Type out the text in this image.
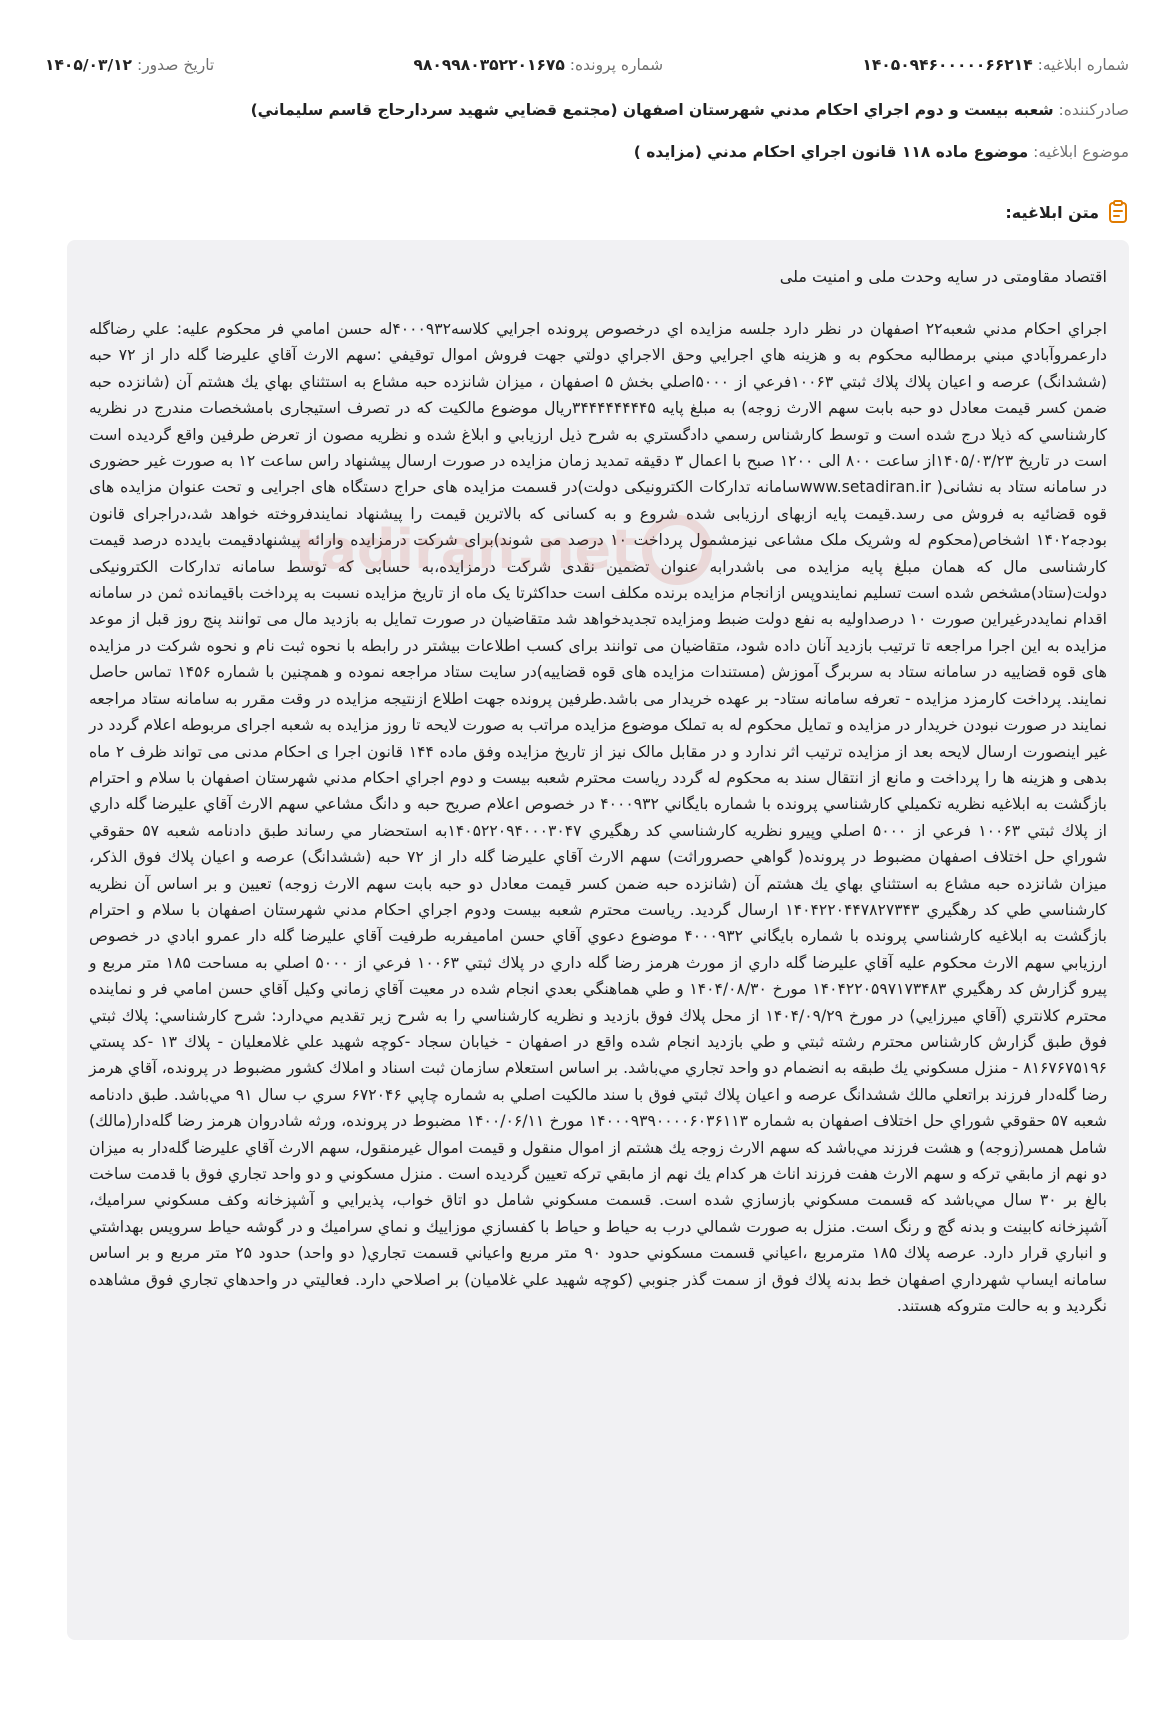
شماره ابلاغیه: ۱۴۰۵۰۹۴۶۰۰۰۰۰۶۶۲۱۴
شماره پرونده: ۹۸۰۹۹۸۰۳۵۲۲۰۱۶۷۵
تاریخ صدور: ۱۴۰۵/۰۳/۱۲
صادرکننده: شعبه بيست و دوم اجراي احكام مدني شهرستان اصفهان (مجتمع قضايي شهيد سردارحاج قاسم سليماني)
موضوع ابلاغیه: موضوع ماده ۱۱۸ قانون اجراي احكام مدني (مزايده )
متن ابلاغیه:
tadiran.net
اقتصاد مقاومتی در سایه وحدت ملی و امنیت ملی

اجراي احكام مدني شعبه۲۲ اصفهان در نظر دارد جلسه مزايده اي درخصوص پرونده اجرايي كلاسه۴۰۰۰۹۳۲له حسن امامي فر محكوم عليه: علي رضاگله دارعمروآبادي مبني برمطالبه محكوم به و هزينه هاي اجرايي وحق الاجراي دولتي جهت فروش اموال توقيفي :سهم الارث آقاي عليرضا گله دار از ۷۲ حبه (ششدانگ) عرصه و اعيان پلاك پلاك ثبتي ۱۰۰۶۳فرعي از ۵۰۰۰اصلي بخش ۵ اصفهان ، ميزان شانزده حبه مشاع به استثناي بهاي يك هشتم آن (شانزده حبه ضمن كسر قيمت معادل دو حبه بابت سهم الارث زوجه) به مبلغ پايه ۳۴۴۴۴۴۴۴۴۵ريال موضوع مالكيت كه در تصرف استیجاری بامشخصات مندرج در نظريه كارشناسي كه ذيلا درج شده است و توسط كارشناس رسمي دادگستري به شرح ذيل ارزيابي و ابلاغ شده و نظريه مصون از تعرض طرفين واقع گرديده است است در تاريخ ۱۴۰۵/۰۳/۲۳از ساعت ۸۰۰ الی ۱۲۰۰ صبح با اعمال ۳ دقیقه تمدید زمان مزایده در صورت ارسال پیشنهاد راس ساعت ۱۲ به صورت غیر حضوری در سامانه ستاد به نشانی( www.setadiran.irسامانه تدارکات الکترونیکی دولت)در قسمت مزایده های حراج دستگاه های اجرایی و تحت عنوان مزایده های قوه قضائیه به فروش می رسد.قیمت پایه ازبهای ارزیابی شده شروع و به کسانی که بالاترین قیمت را پیشنهاد نمایندفروخته خواهد شد،دراجرای قانون بودجه۱۴۰۲ اشخاص(محکوم له وشریک ملک مشاعی نیزمشمول پرداخت ۱۰ درصد می شوند)برای شرکت درمزایده وارائه پیشنهادقیمت بایدده درصد قیمت کارشناسی مال که همان مبلغ پایه مزایده می باشدرابه عنوان تضمین نقدی شرکت درمزایده،به حسابی که توسط سامانه تدارکات الکترونیکی دولت(ستاد)مشخص شده است تسلیم نمایندوپس ازانجام مزایده برنده مکلف است حداکثرتا یک ماه از تاریخ مزایده نسبت به پرداخت باقیمانده ثمن در سامانه اقدام نمایددرغیراین صورت ۱۰ درصداولیه به نفع دولت ضبط ومزایده تجدیدخواهد شد متقاضیان در صورت تمایل به بازدید مال می توانند پنج روز قبل از موعد مزایده به این اجرا مراجعه تا ترتیب بازدید آنان داده شود، متقاضیان می توانند برای کسب اطلاعات بیشتر در رابطه با نحوه ثبت نام و نحوه شرکت در مزایده های قوه قضاییه در سامانه ستاد به سربرگ آموزش (مستندات مزایده های قوه قضاییه)در سایت ستاد مراجعه نموده و همچنین با شماره ۱۴۵۶ تماس حاصل نمایند. پرداخت کارمزد مزایده - تعرفه سامانه ستاد- بر عهده خریدار می باشد.طرفین پرونده جهت اطلاع ازنتیجه مزایده در وقت مقرر به سامانه ستاد مراجعه نمایند در صورت نبودن خریدار در مزایده و تمایل محکوم له به تملک موضوع مزایده مراتب به صورت لایحه تا روز مزایده به شعبه اجرای مربوطه اعلام گردد در غیر اینصورت ارسال لایحه بعد از مزایده ترتیب اثر ندارد و در مقابل مالک نیز از تاریخ مزایده وفق ماده ۱۴۴ قانون اجرا ی احکام مدنی می تواند ظرف ۲ ماه بدهی و هزینه ها را پرداخت و مانع از انتقال سند به محکوم له گردد رياست محترم شعبه بيست و دوم اجراي احكام مدني شهرستان اصفهان با سلام و احترام بازگشت به ابلاغيه نظريه تكميلي كارشناسي پرونده با شماره بايگاني ۴۰۰۰۹۳۲ در خصوص اعلام صريح حبه و دانگ مشاعي سهم الارث آقاي عليرضا گله داري از پلاك ثبتي ۱۰۰۶۳ فرعي از ۵۰۰۰ اصلي وپيرو نظريه كارشناسي كد رهگيري ۱۴۰۵۲۲۰۹۴۰۰۰۳۰۴۷به استحضار مي رساند طبق دادنامه شعبه ۵۷ حقوقي شوراي حل اختلاف اصفهان مضبوط در پرونده( گواهي حصروراثت) سهم الارث آقاي عليرضا گله دار از ۷۲ حبه (ششدانگ) عرصه و اعيان پلاك فوق الذكر، ميزان شانزده حبه مشاع به استثناي بهاي يك هشتم آن (شانزده حبه ضمن كسر قيمت معادل دو حبه بابت سهم الارث زوجه) تعيين و بر اساس آن نظريه كارشناسي طي كد رهگيري ۱۴۰۴۲۲۰۴۴۷۸۲۷۳۴۳ ارسال گرديد. رياست محترم شعبه بيست ودوم اجراي احكام مدني شهرستان اصفهان با سلام و احترام بازگشت به ابلاغيه كارشناسي پرونده با شماره بايگاني ۴۰۰۰۹۳۲ موضوع دعوي آقاي حسن اماميفربه طرفيت آقاي عليرضا گله دار عمرو ابادي در خصوص ارزيابي سهم الارث محكوم عليه آقاي عليرضا گله داري از مورث هرمز رضا گله داري در پلاك ثبتي ۱۰۰۶۳ فرعي از ۵۰۰۰ اصلي به مساحت ۱۸۵ متر مربع و پيرو گزارش كد رهگيري ۱۴۰۴۲۲۰۵۹۷۱۷۳۴۸۳ مورخ ۱۴۰۴/۰۸/۳۰ و طي هماهنگي بعدي انجام شده در معيت آقاي زماني وكيل آقاي حسن امامي فر و نماينده محترم كلانتري (آقاي ميرزايي) در مورخ ۱۴۰۴/۰۹/۲۹ از محل پلاك فوق بازديد و نظريه كارشناسي را به شرح زير تقديم مي‌دارد: شرح كارشناسي: پلاك ثبتي فوق طبق گزارش كارشناس محترم رشته ثبتي و طي بازديد انجام شده واقع در اصفهان - خيابان سجاد -كوچه شهيد علي غلامعليان - پلاك ۱۳ -كد پستي ۸۱۶۷۶۷۵۱۹۶ - منزل مسكوني يك طبقه به انضمام دو واحد تجاري مي‌باشد. بر اساس استعلام سازمان ثبت اسناد و املاك كشور مضبوط در پرونده، آقاي هرمز رضا گله‌دار فرزند براتعلي مالك ششدانگ عرصه و اعيان پلاك ثبتي فوق با سند مالكيت اصلي به شماره چاپي ۶۷۲۰۴۶ سري ب سال ۹۱ مي‌باشد. طبق دادنامه شعبه ۵۷ حقوقي شوراي حل اختلاف اصفهان به شماره ۱۴۰۰۰۹۳۹۰۰۰۰۶۰۳۶۱۱۳ مورخ ۱۴۰۰/۰۶/۱۱ مضبوط در پرونده، ورثه شادروان هرمز رضا گله‌دار(مالك) شامل همسر(زوجه) و هشت فرزند مي‌باشد كه سهم الارث زوجه يك هشتم از اموال منقول و قيمت اموال غيرمنقول، سهم الارث آقاي عليرضا گله‌دار به ميزان دو نهم از مابقي تركه و سهم الارث هفت فرزند اناث هر كدام يك نهم از مابقي تركه تعيين گرديده است . منزل مسكوني و دو واحد تجاري فوق با قدمت ساخت بالغ بر ۳۰ سال مي‌باشد كه قسمت مسكوني بازسازي شده است. قسمت مسكوني شامل دو اتاق خواب، پذيرايي و آشپزخانه وكف مسكوني سراميك، آشپزخانه كابينت و بدنه گچ و رنگ است. منزل به صورت شمالي درب به حياط و حياط با كفسازي موزاييك و نماي سراميك و در گوشه حياط سرويس بهداشتي و انباري قرار دارد. عرصه پلاك ۱۸۵ مترمربع ،اعياني قسمت مسكوني حدود ۹۰ متر مربع واعياني قسمت تجاري( دو واحد) حدود ۲۵ متر مربع و بر اساس سامانه ايساپ شهرداري اصفهان خط بدنه پلاك فوق از سمت گذر جنوبي (كوچه شهيد علي غلاميان) بر اصلاحي دارد. فعاليتي در واحدهاي تجاري فوق مشاهده نگرديد و به حالت متروكه هستند.
